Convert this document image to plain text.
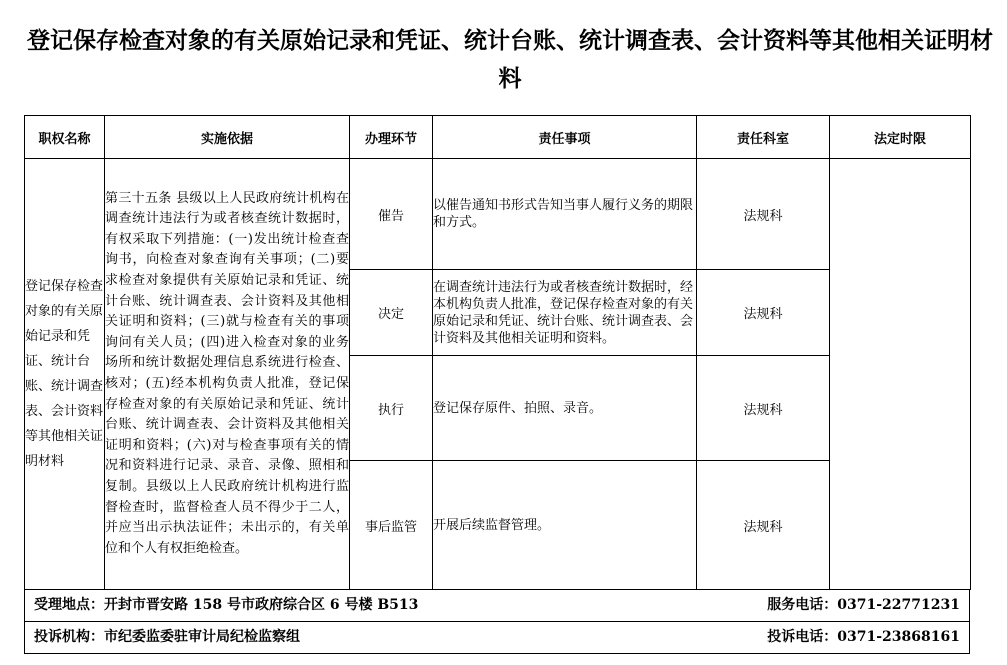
登记保存检查对象的有关原始记录和凭证、统计台账、统计调查表、会计资料等其他相关证明材料
职权名称	实施依据	办理环节	责任事项	责任科室	法定时限
登记保存检查对象的有关原始记录和凭证、统计台账、统计调查表、会计资料等其他相关证明材料	第三十五条 县级以上人民政府统计机构在调查统计违法行为或者核查统计数据时，有权采取下列措施：(一)发出统计检查查询书，向检查对象查询有关事项；(二)要求检查对象提供有关原始记录和凭证、统计台账、统计调查表、会计资料及其他相关证明和资料；(三)就与检查有关的事项询问有关人员；(四)进入检查对象的业务场所和统计数据处理信息系统进行检查、核对；(五)经本机构负责人批准，登记保存检查对象的有关原始记录和凭证、统计台账、统计调查表、会计资料及其他相关证明和资料；(六)对与检查事项有关的情况和资料进行记录、录音、录像、照相和复制。县级以上人民政府统计机构进行监督检查时，监督检查人员不得少于二人，并应当出示执法证件；未出示的，有关单位和个人有权拒绝检查。	催告	以催告通知书形式告知当事人履行义务的期限和方式。	法规科	
		决定	在调查统计违法行为或者核查统计数据时，经本机构负责人批准，登记保存检查对象的有关原始记录和凭证、统计台账、统计调查表、会计资料及其他相关证明和资料。	法规科	
		执行	登记保存原件、拍照、录音。	法规科	
		事后监管	开展后续监督管理。	法规科	
受理地点：开封市晋安路 158 号市政府综合区 6 号楼 B513	服务电话：0371-22771231
投诉机构：市纪委监委驻审计局纪检监察组	投诉电话：0371-23868161
